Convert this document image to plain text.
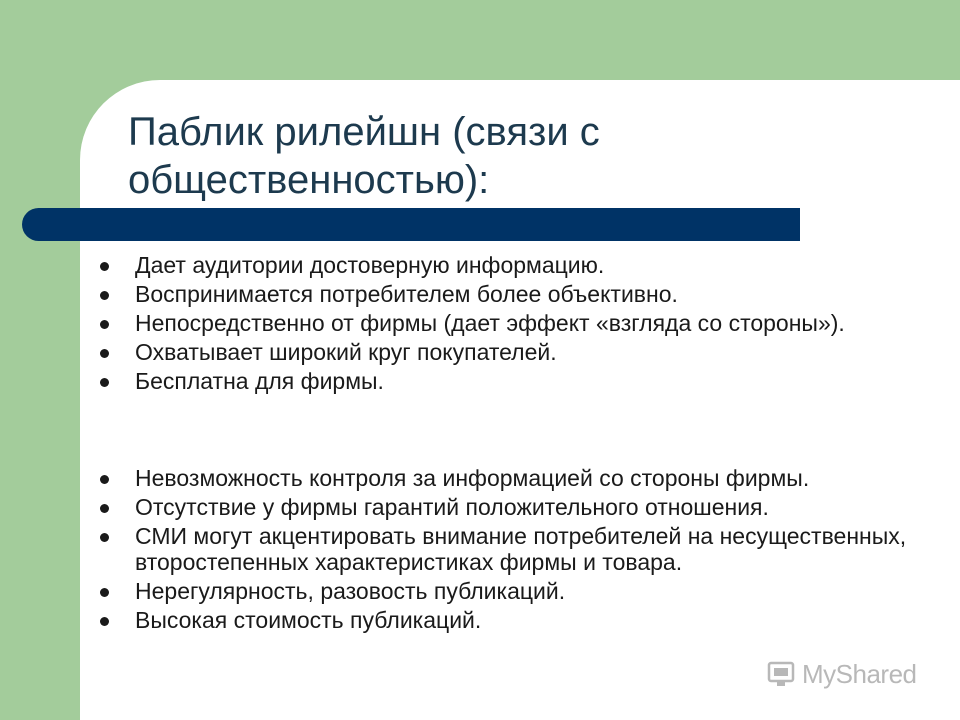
Паблик рилейшн (связи с общественностью):
Дает аудитории достоверную информацию.
Воспринимается потребителем более объективно.
Непосредственно от фирмы (дает эффект «взгляда со стороны»).
Охватывает широкий круг покупателей.
Бесплатна для фирмы.
Невозможность контроля за информацией со стороны фирмы.
Отсутствие у фирмы гарантий положительного отношения.
СМИ могут акцентировать внимание потребителей на несущественных, второстепенных характеристиках фирмы и товара.
Нерегулярность, разовость публикаций.
Высокая стоимость публикаций.
MyShared
